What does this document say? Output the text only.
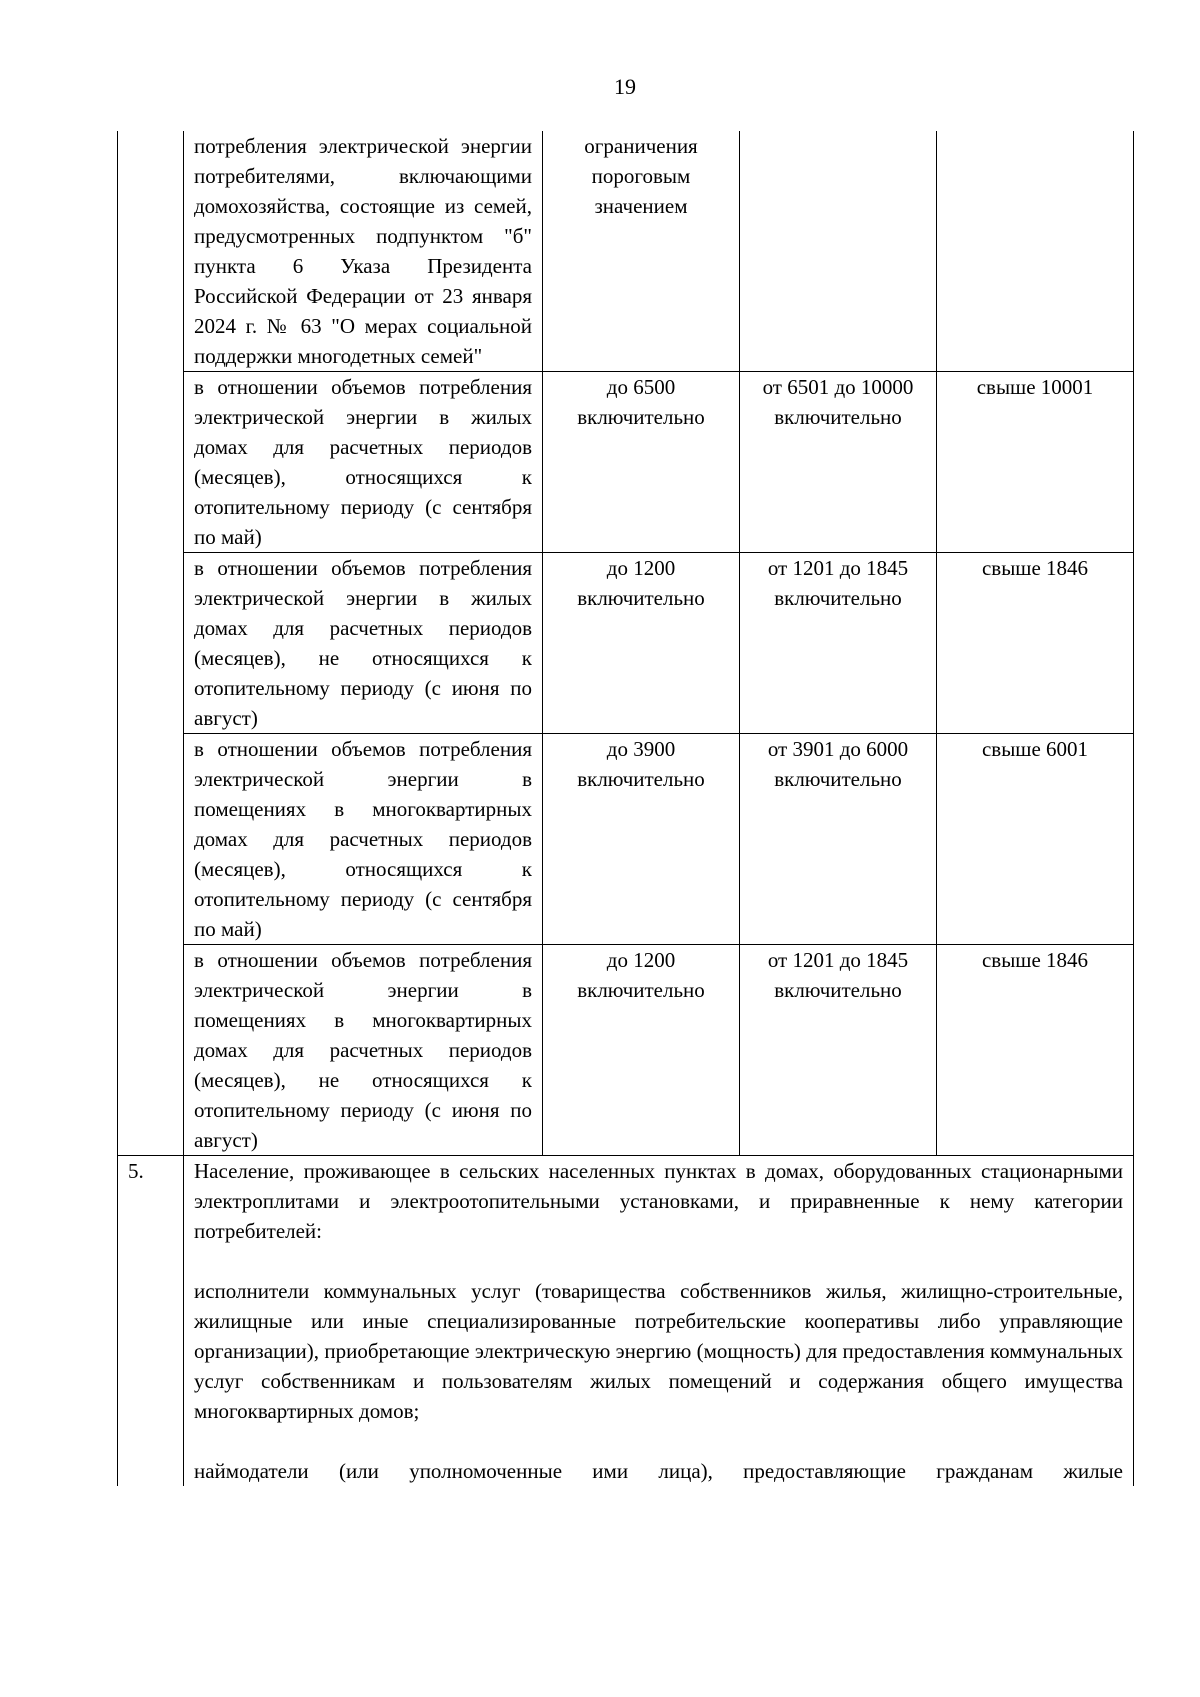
19
	потребления электрической энергии потребителями, включающими домохозяйства, состоящие из семей, предусмотренных подпунктом "б" пункта 6 Указа Президента Российской Федерации от 23 января 2024 г. № 63 "О мерах социальной поддержки многодетных семей"	ограничения пороговым значением		
	в отношении объемов потребления электрической энергии в жилых домах для расчетных периодов (месяцев), относящихся к отопительному периоду (с сентября по май)	до 6500 включительно	от 6501 до 10000 включительно	свыше 10001
	в отношении объемов потребления электрической энергии в жилых домах для расчетных периодов (месяцев), не относящихся к отопительному периоду (с июня по август)	до 1200 включительно	от 1201 до 1845 включительно	свыше 1846
	в отношении объемов потребления электрической энергии в помещениях в многоквартирных домах для расчетных периодов (месяцев), относящихся к отопительному периоду (с сентября по май)	до 3900 включительно	от 3901 до 6000 включительно	свыше 6001
	в отношении объемов потребления электрической энергии в помещениях в многоквартирных домах для расчетных периодов (месяцев), не относящихся к отопительному периоду (с июня по август)	до 1200 включительно	от 1201 до 1845 включительно	свыше 1846
5.	Население, проживающее в сельских населенных пунктах в домах, оборудованных стационарными электроплитами и электроотопительными установками, и приравненные к нему категории потребителей:

исполнители коммунальных услуг (товарищества собственников жилья, жилищно-строительные, жилищные или иные специализированные потребительские кооперативы либо управляющие организации), приобретающие электрическую энергию (мощность) для предоставления коммунальных услуг собственникам и пользователям жилых помещений и содержания общего имущества многоквартирных домов;

наймодатели (или уполномоченные ими лица), предоставляющие гражданам жилые			
